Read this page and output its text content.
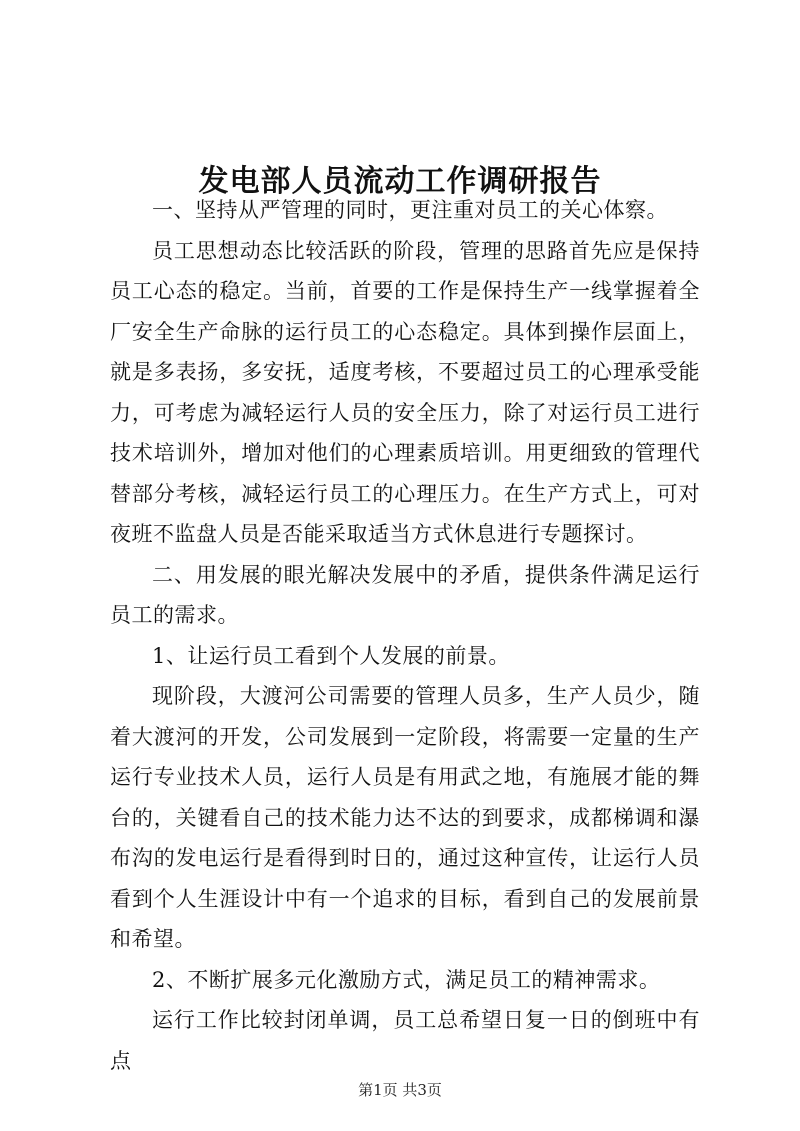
发电部人员流动工作调研报告

一、坚持从严管理的同时，更注重对员工的关心体察。

员工思想动态比较活跃的阶段，管理的思路首先应是保持员工心态的稳定。当前，首要的工作是保持生产一线掌握着全厂安全生产命脉的运行员工的心态稳定。具体到操作层面上，就是多表扬，多安抚，适度考核，不要超过员工的心理承受能力，可考虑为减轻运行人员的安全压力，除了对运行员工进行技术培训外，增加对他们的心理素质培训。用更细致的管理代替部分考核，减轻运行员工的心理压力。在生产方式上，可对夜班不监盘人员是否能采取适当方式休息进行专题探讨。

二、用发展的眼光解决发展中的矛盾，提供条件满足运行员工的需求。

1、让运行员工看到个人发展的前景。

现阶段，大渡河公司需要的管理人员多，生产人员少，随着大渡河的开发，公司发展到一定阶段，将需要一定量的生产运行专业技术人员，运行人员是有用武之地，有施展才能的舞台的，关键看自己的技术能力达不达的到要求，成都梯调和瀑布沟的发电运行是看得到时日的，通过这种宣传，让运行人员看到个人生涯设计中有一个追求的目标，看到自己的发展前景和希望。

2、不断扩展多元化激励方式，满足员工的精神需求。

运行工作比较封闭单调，员工总希望日复一日的倒班中有点

第1页 共3页
